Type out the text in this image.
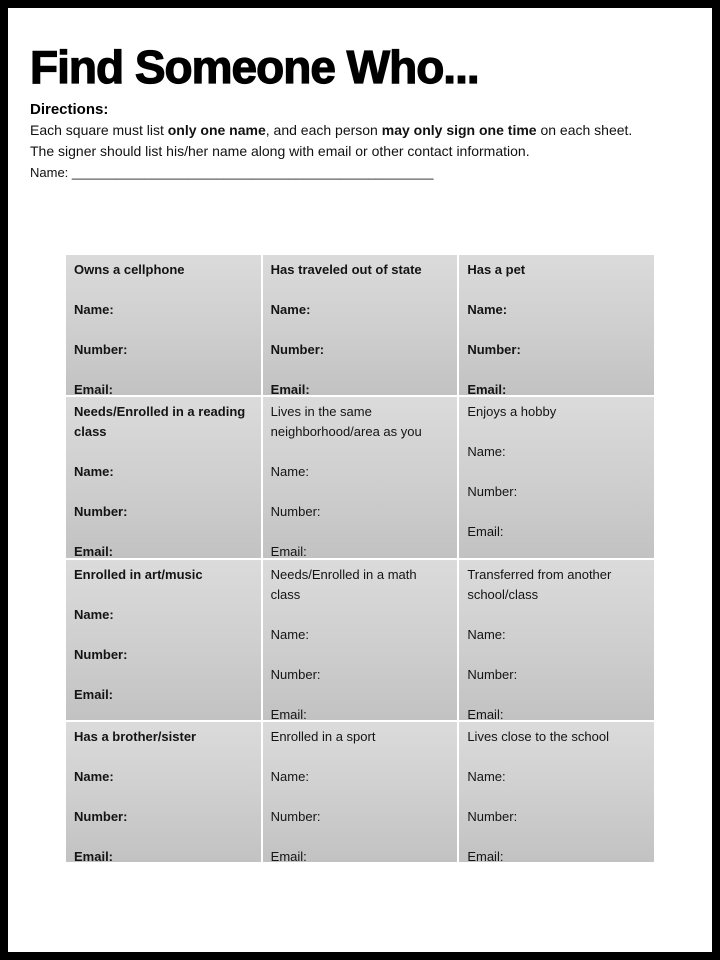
Find Someone Who...
Directions:
Each square must list only one name, and each person may only sign one time on each sheet.
The signer should list his/her name along with email or other contact information.
Name: __________________________________________________
Owns a cellphone
Name:
Number:
Email:
Has traveled out of state
Name:
Number:
Email:
Has a pet
Name:
Number:
Email:
Needs/Enrolled in a reading class
Name:
Number:
Email:
Lives in the same neighborhood/area as you
Name:
Number:
Email:
Enjoys a hobby
Name:
Number:
Email:
Enrolled in art/music
Name:
Number:
Email:
Needs/Enrolled in a math class
Name:
Number:
Email:
Transferred from another school/class
Name:
Number:
Email:
Has a brother/sister
Name:
Number:
Email:
Enrolled in a sport
Name:
Number:
Email:
Lives close to the school
Name:
Number:
Email:
